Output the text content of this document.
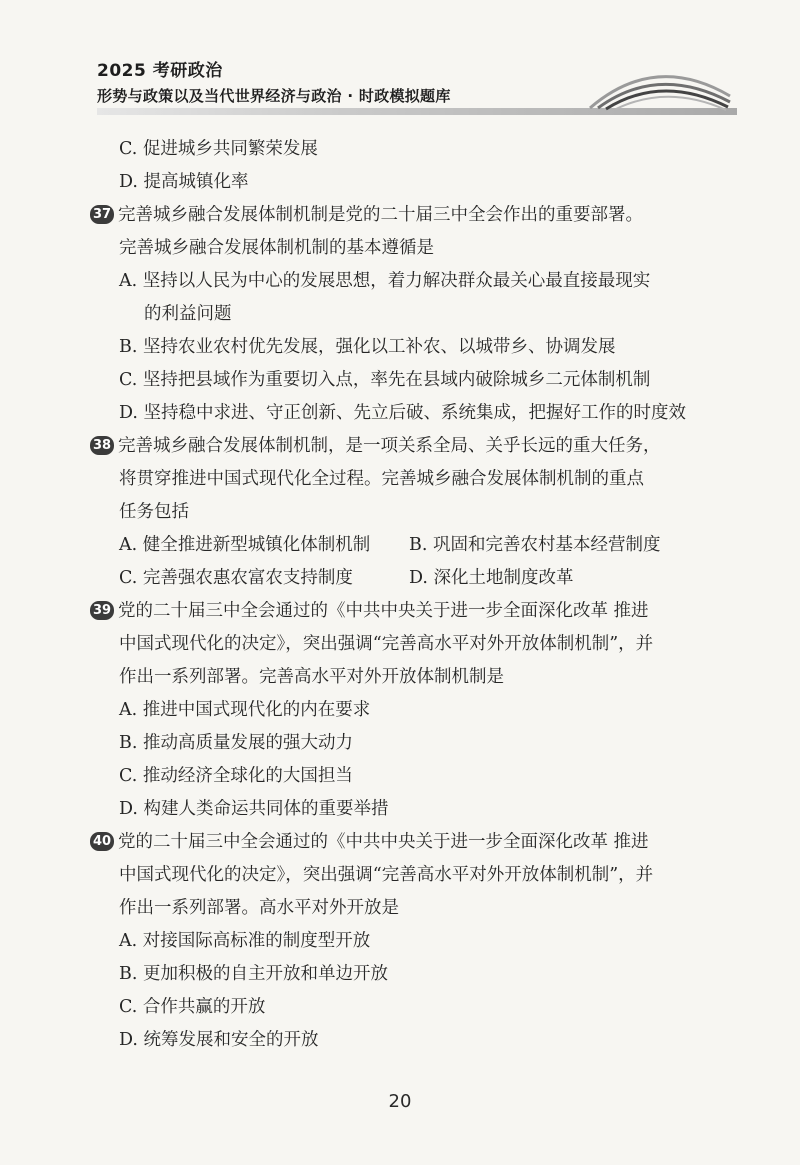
2025 考研政治
形势与政策以及当代世界经济与政治 · 时政模拟题库
C. 促进城乡共同繁荣发展
D. 提高城镇化率
37 完善城乡融合发展体制机制是党的二十届三中全会作出的重要部署。
完善城乡融合发展体制机制的基本遵循是
A. 坚持以人民为中心的发展思想，着力解决群众最关心最直接最现实
的利益问题
B. 坚持农业农村优先发展，强化以工补农、以城带乡、协调发展
C. 坚持把县域作为重要切入点，率先在县域内破除城乡二元体制机制
D. 坚持稳中求进、守正创新、先立后破、系统集成，把握好工作的时度效
38 完善城乡融合发展体制机制，是一项关系全局、关乎长远的重大任务，
将贯穿推进中国式现代化全过程。完善城乡融合发展体制机制的重点
任务包括
A. 健全推进新型城镇化体制机制 B. 巩固和完善农村基本经营制度
C. 完善强农惠农富农支持制度	D. 深化土地制度改革
39 党的二十届三中全会通过的《中共中央关于进一步全面深化改革 推进
中国式现代化的决定》，突出强调“完善高水平对外开放体制机制”，并
作出一系列部署。完善高水平对外开放体制机制是
A. 推进中国式现代化的内在要求
B. 推动高质量发展的强大动力
C. 推动经济全球化的大国担当
D. 构建人类命运共同体的重要举措
40 党的二十届三中全会通过的《中共中央关于进一步全面深化改革 推进
中国式现代化的决定》，突出强调“完善高水平对外开放体制机制”，并
作出一系列部署。高水平对外开放是
A. 对接国际高标准的制度型开放
B. 更加积极的自主开放和单边开放
C. 合作共赢的开放
D. 统筹发展和安全的开放
20
